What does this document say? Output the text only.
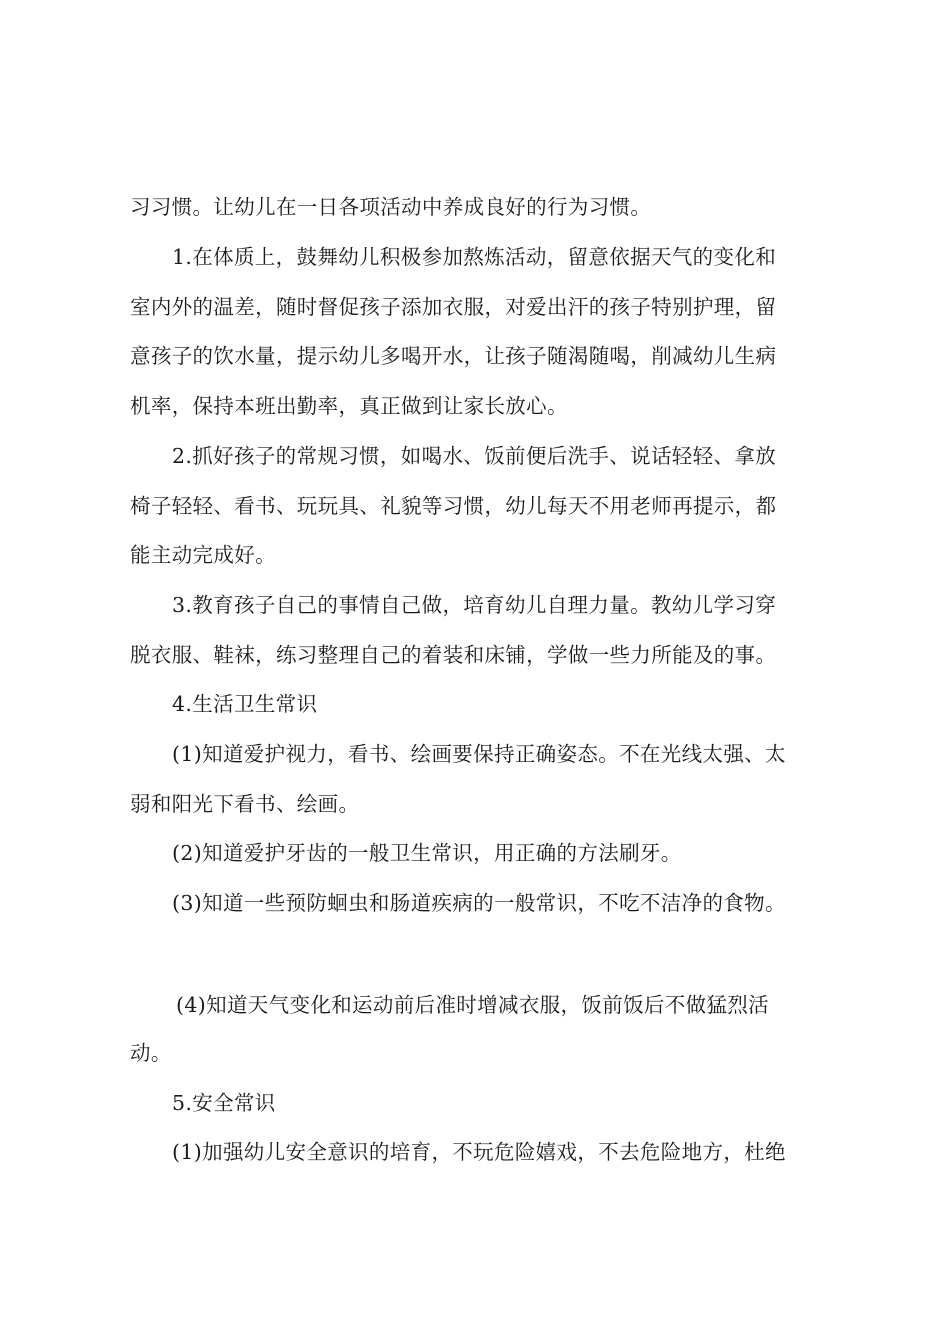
习习惯。让幼儿在一日各项活动中养成良好的行为习惯。
1.在体质上，鼓舞幼儿积极参加熬炼活动，留意依据天气的变化和
室内外的温差，随时督促孩子添加衣服，对爱出汗的孩子特别护理，留
意孩子的饮水量，提示幼儿多喝开水，让孩子随渴随喝，削减幼儿生病
机率，保持本班出勤率，真正做到让家长放心。
2.抓好孩子的常规习惯，如喝水、饭前便后洗手、说话轻轻、拿放
椅子轻轻、看书、玩玩具、礼貌等习惯，幼儿每天不用老师再提示，都
能主动完成好。
3.教育孩子自己的事情自己做，培育幼儿自理力量。教幼儿学习穿
脱衣服、鞋袜，练习整理自己的着装和床铺，学做一些力所能及的事。
4.生活卫生常识
(1)知道爱护视力，看书、绘画要保持正确姿态。不在光线太强、太
弱和阳光下看书、绘画。
(2)知道爱护牙齿的一般卫生常识，用正确的方法刷牙。
(3)知道一些预防蛔虫和肠道疾病的一般常识，不吃不洁净的食物。
(4)知道天气变化和运动前后准时增减衣服，饭前饭后不做猛烈活
动。
5.安全常识
(1)加强幼儿安全意识的培育，不玩危险嬉戏，不去危险地方，杜绝
